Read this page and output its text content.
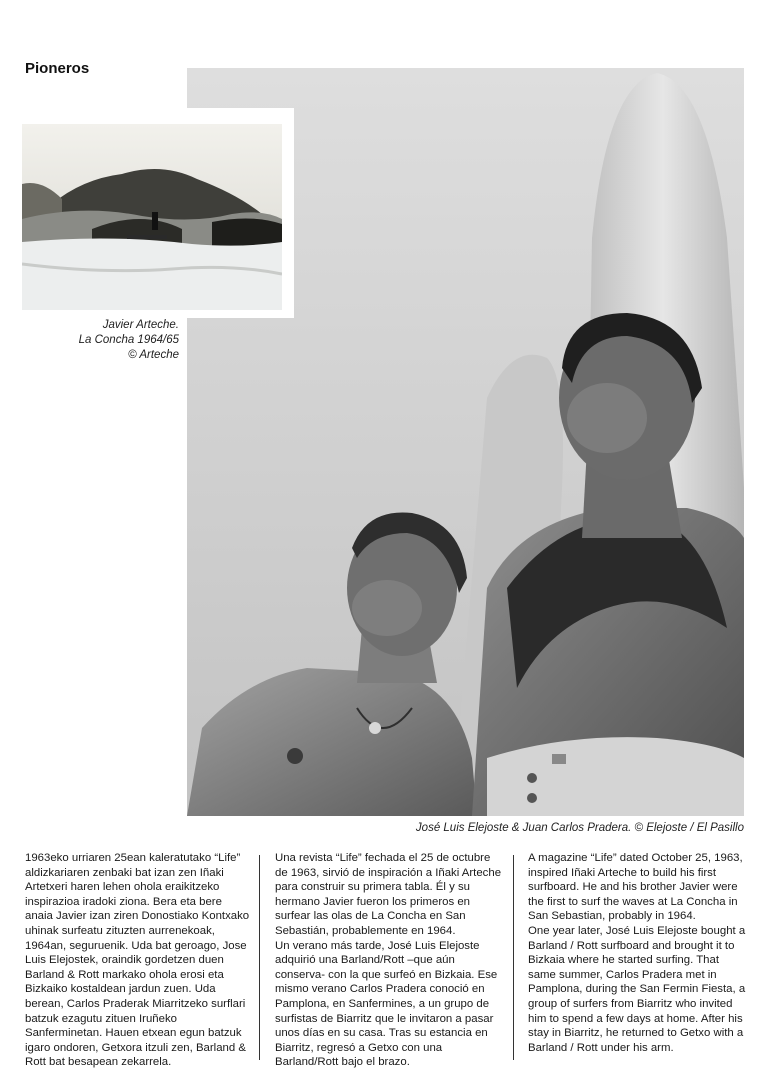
Pioneros
Javier Arteche.
La Concha 1964/65
© Arteche
José Luis Elejoste & Juan Carlos Pradera. © Elejoste / El Pasillo

1963eko urriaren 25ean kaleratutako “Life” aldizkariaren zenbaki bat izan zen Iñaki Artetxeri haren lehen ohola eraikitzeko inspirazioa iradoki ziona. Bera eta bere anaia Javier izan ziren Donostiako Kontxako uhinak surfeatu zituzten aurrenekoak, 1964an, seguruenik. Uda bat geroago, Jose Luis Elejostek, oraindik gordetzen duen Barland & Rott markako ohola erosi eta Bizkaiko kostaldean jardun zuen. Uda berean, Carlos Praderak Miarritzeko surflari batzuk ezagutu zituen Iruñeko Sanferminetan. Hauen etxean egun batzuk igaro ondoren, Getxora itzuli zen, Barland & Rott bat besapean zekarrela.

Una revista “Life” fechada el 25 de octubre de 1963, sirvió de inspiración a Iñaki Arteche para construir su primera tabla. Él y su hermano Javier fueron los primeros en surfear las olas de La Concha en San Sebastián, probablemente en 1964.

Un verano más tarde, José Luis Elejoste adquirió una Barland/Rott –que aún conserva- con la que surfeó en Bizkaia. Ese mismo verano Carlos Pradera conoció en Pamplona, en Sanfermines, a un grupo de surfistas de Biarritz que le invitaron a pasar unos días en su casa. Tras su estancia en Biarritz, regresó a Getxo con una Barland/Rott bajo el brazo.

A magazine “Life” dated October 25, 1963, inspired Iñaki Arteche to build his first surfboard. He and his brother Javier were the first to surf the waves at La Concha in San Sebastian, probably in 1964.

One year later, José Luis Elejoste bought a Barland / Rott surfboard and brought it to Bizkaia where he started surfing. That same summer, Carlos Pradera met in Pamplona, during the San Fermin Fiesta, a group of surfers from Biarritz who invited him to spend a few days at home. After his stay in Biarritz, he returned to Getxo with a Barland / Rott under his arm.
